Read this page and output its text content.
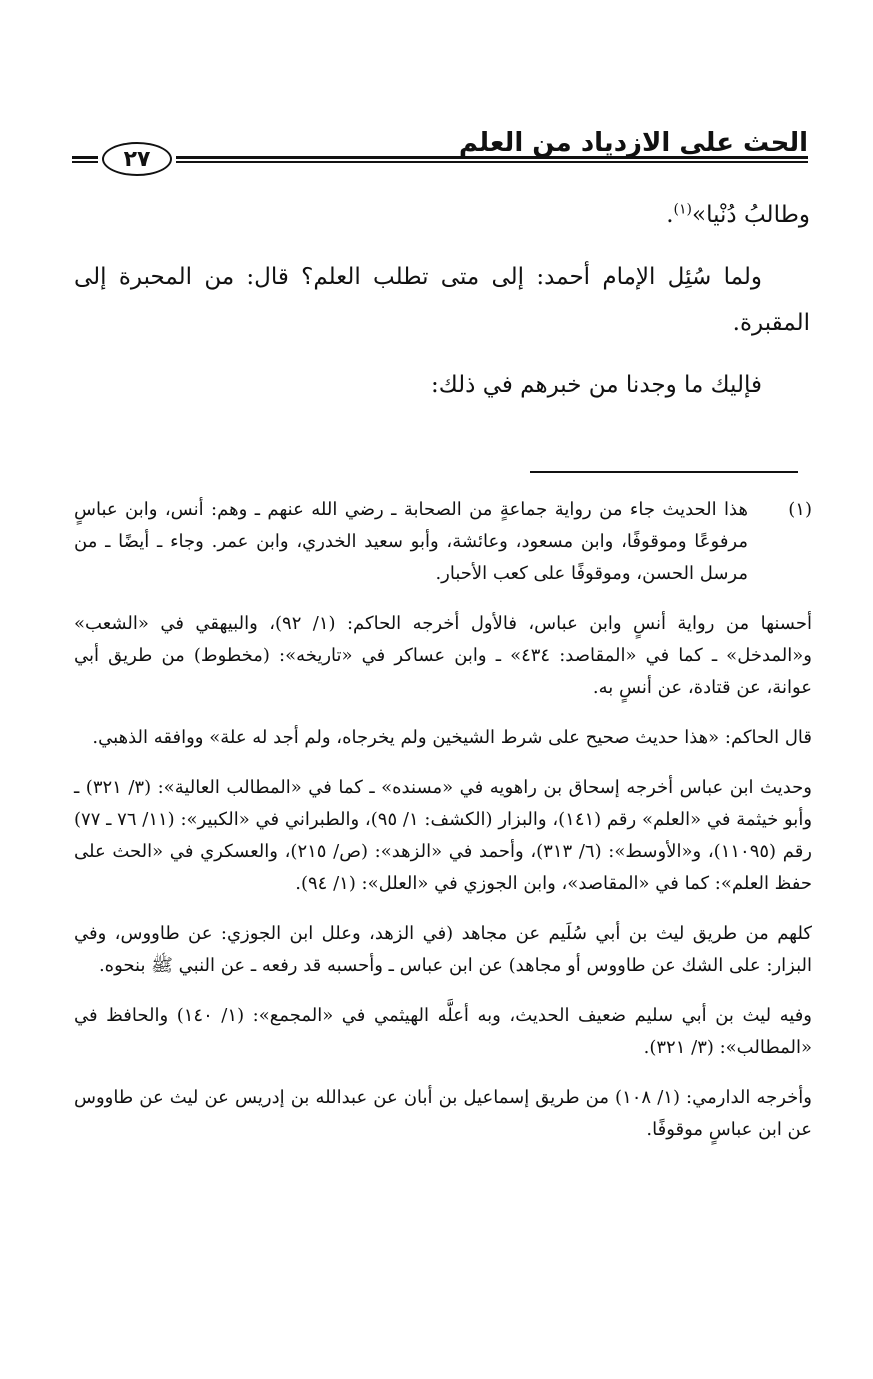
الحث على الازدياد من العلم
٢٧

وطالبُ دُنْيا»$^{(١)}$.

ولما سُئِل الإمام أحمد: إلى متى تطلب العلم؟ قال: من المحبرة إلى المقبرة.

فإليك ما وجدنا من خبرهم في ذلك:

(١)

هذا الحديث جاء من رواية جماعةٍ من الصحابة ـ رضي الله عنهم ـ وهم: أنس، وابن عباسٍ مرفوعًا وموقوفًا، وابن مسعود، وعائشة، وأبو سعيد الخدري، وابن عمر. وجاء ـ أيضًا ـ من مرسل الحسن، وموقوفًا على كعب الأحبار.

أحسنها من رواية أنسٍ وابن عباس، فالأول أخرجه الحاكم: (١/ ٩٢)، والبيهقي في «الشعب» و«المدخل» ـ كما في «المقاصد: ٤٣٤» ـ وابن عساكر في «تاريخه»: (مخطوط) من طريق أبي عوانة، عن قتادة، عن أنسٍ به.

قال الحاكم: «هذا حديث صحيح على شرط الشيخين ولم يخرجاه، ولم أجد له علة» ووافقه الذهبي.

وحديث ابن عباس أخرجه إسحاق بن راهويه في «مسنده» ـ كما في «المطالب العالية»: (٣/ ٣٢١) ـ وأبو خيثمة في «العلم» رقم (١٤١)، والبزار (الكشف: ١/ ٩٥)، والطبراني في «الكبير»: (١١/ ٧٦ ـ ٧٧) رقم (١١٠٩٥)، و«الأوسط»: (٦/ ٣١٣)، وأحمد في «الزهد»: (ص/ ٢١٥)، والعسكري في «الحث على حفظ العلم»: كما في «المقاصد»، وابن الجوزي في «العلل»: (١/ ٩٤).

كلهم من طريق ليث بن أبي سُلَيم عن مجاهد (في الزهد، وعلل ابن الجوزي: عن طاووس، وفي البزار: على الشك عن طاووس أو مجاهد) عن ابن عباس ـ وأحسبه قد رفعه ـ عن النبي ﷺ بنحوه.

وفيه ليث بن أبي سليم ضعيف الحديث، وبه أعلَّه الهيثمي في «المجمع»: (١/ ١٤٠) والحافظ في «المطالب»: (٣/ ٣٢١).

وأخرجه الدارمي: (١/ ١٠٨) من طريق إسماعيل بن أبان عن عبدالله بن إدريس عن ليث عن طاووس عن ابن عباسٍ موقوفًا.
